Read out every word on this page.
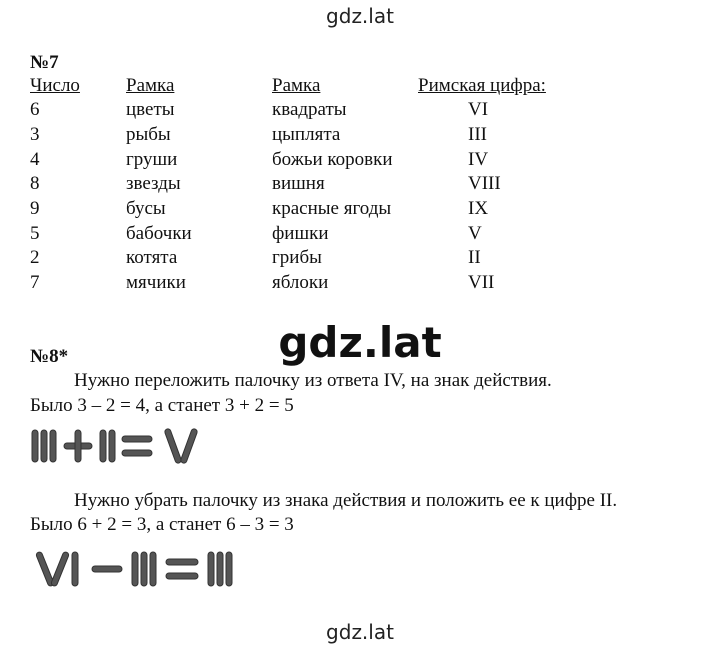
gdz.lat
№7
Число Рамка	Рамка	Римская цифра:
6	цветы	квадраты	VI
3	рыбы	цыплята	III
4	груши	божьи коровки	IV
8	звезды	вишня	VIII
9	бусы	красные ягоды	IX
5	бабочки	фишки	V
2	котята	грибы	II
7	мячики	яблоки	VII
gdz.lat
№8*
Нужно переложить палочку из ответа IV, на знак действия.
Было 3 – 2 = 4, а станет 3 + 2 = 5
Нужно убрать палочку из знака действия и положить ее к цифре II.
Было 6 + 2 = 3, а станет 6 – 3 = 3
gdz.lat
